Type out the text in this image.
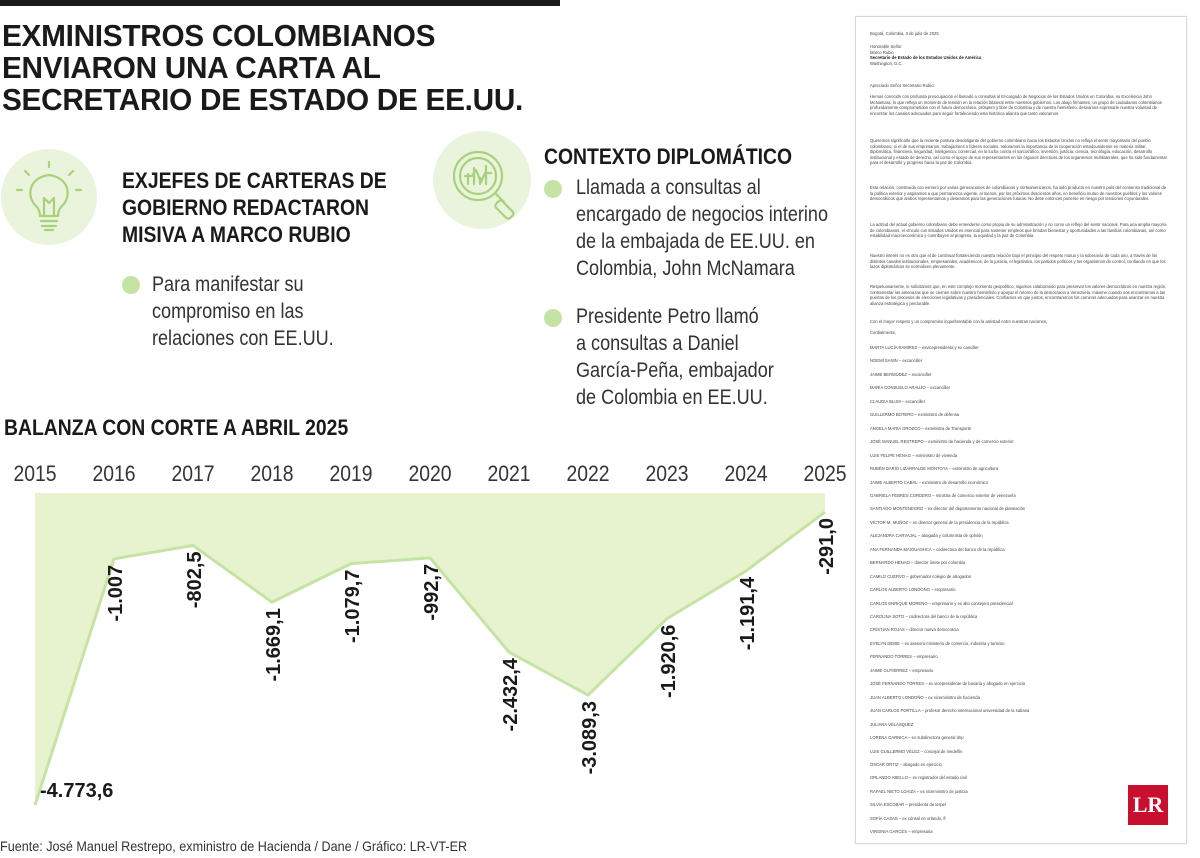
EXMINISTROS COLOMBIANOS ENVIARON UNA CARTA AL SECRETARIO DE ESTADO DE EE.UU.
EXJEFES DE CARTERAS DE
GOBIERNO REDACTARON
MISIVA A MARCO RUBIO
Para manifestar su
compromiso en las
relaciones con EE.UU.
CONTEXTO DIPLOMÁTICO
Llamada a consultas al
encargado de negocios interino
de la embajada de EE.UU. en
Colombia, John McNamara
Presidente Petro llamó
a consultas a Daniel
García-Peña, embajador
de Colombia en EE.UU.
BALANZA CON CORTE A ABRIL 2025
2015 2016 2017 2018 2019 2020 2021 2022 2023 2024 2025
-4.773,6
-1.007	-802,5
-1.669,1
-1.079,7	-992,7
-2.432,4
-3.089,3
-1.920,6
-1.191,4
-291,0
Fuente: José Manuel Restrepo, exministro de Hacienda / Dane / Gráfico: LR-VT-ER
Bogotá, Colombia, 3 de julio de 2025
Honorable Señor
Marco Rubio
Secretario de Estado de los Estados Unidos de América
Washington, D.C.
Apreciado Señor Secretario Rubio:
Hemos conocido con profunda preocupación el llamado a consultas al Encargado de Negocios de los Estados Unidos en Colombia, su Excelencia John McNamara, lo que refleja un momento de tensión en la relación bilateral entre nuestros gobiernos. Los abajo firmantes, un grupo de ciudadanos colombianos profundamente comprometidos con el futuro democrático, próspero y libre de Colombia y de nuestro hemisferio, deseamos expresarle nuestra voluntad de encontrar los canales adecuados para seguir fortaleciendo esta histórica alianza que tanto valoramos.
Queremos significarle que la reciente postura desobligante del gobierno colombiano hacia los Estados Unidos no refleja el sentir mayoritario del pueblo colombiano, ni el de sus empresarios, trabajadores o líderes sociales. Valoramos la importancia de la cooperación estadounidense en materia militar, diplomática, financiera, seguridad, inteligencia, comercial, en la lucha contra el narcotráfico, inversión, justicia, ciencia, tecnología, educación, desarrollo institucional y estado de derecho, así como el apoyo de sus representantes en los órganos directivos de los organismos multilaterales, que ha sido fundamental para el desarrollo y progreso hacia la paz de Colombia.
Esta relación, construida con esmero por varias generaciones de colombianos y norteamericanos, ha sido producto en nuestro país del consenso tradicional de la política exterior y aspiramos a que permanezca vigente, al menos, por los próximos doscientos años, en beneficio mutuo de nuestros pueblos y los valores democráticos que ambos representamos y deseamos para las generaciones futuras. No debe entonces ponerse en riesgo por tensiones coyunturales.
La actitud del actual gobierno colombiano debe entenderse como propia de su administración y no como un reflejo del sentir nacional. Para una amplia mayoría de colombianos, el vínculo con Estados Unidos es esencial para sostener empleos que brindan bienestar y oportunidades a las familias colombianas, así como estabilidad macroeconómica y contribuyen al progreso, la equidad y la paz de Colombia.
Nuestro interés no es otro que el de continuar fortaleciendo nuestra relación bajo el principio del respeto mutuo y la soberanía de cada uno, a través de los distintos canales institucionales, empresariales, académicos, de la justicia, el legislativo, los partidos políticos y los organismos de control, confiando en que los lazos diplomáticos se normalicen plenamente.
Respetuosamente, le solicitamos que, en este complejo momento geopolítico, sigamos colaborando para preservar los valores democráticos en nuestra región, contrarrestar las amenazas que se ciernen sobre nuestro hemisferio y apoyar el retorno de la democracia a Venezuela, máxime cuando nos encontramos a las puertas de los procesos de elecciones legislativas y presidenciales. Confiamos en que juntos, encontraremos los caminos adecuados para avanzar en nuestra alianza estratégica y perdurable.
Con el mayor respeto y un compromiso inquebrantable con la amistad entre nuestras naciones,
Cordialmente,
MARTA LUCÍA RAMÍREZ – exvicepresidenta y ex canciller
NOEMÍ SANÍN – excanciller
JAIME BERMÚDEZ – excanciller
MARÍA CONSUELO ARAUJO – excanciller
CLAUDIA BLUM – excanciller
GUILLERMO BOTERO – exministro de defensa
ANGELA MARÍA OROZCO – exministra de Transporte
JOSÉ MANUEL RESTREPO – exministro de hacienda y de comercio exterior
LUIS FELIPE HENAO – exministro de vivienda
RUBÉN DARÍO LIZARRALDE MONTOYA – exministro de agricultura
JAIME ALBERTO CABAL – exministro de desarrollo económico
GABRIELA FEBRES CORDERO – ministra de comercio exterior de venezuela
SANTIAGO MONTENEGRO – ex director del departamento nacional de planeación
VÍCTOR M. MUÑOZ – ex director general de la presidencia de la república
ALEJANDRA CARVAJAL – abogada y columnista de opinión
ANA FERNANDA MAIGUASHCA – codirectora del banco de la república
BERNARDO HENAO – director ûnete por colombia
CAMILO CUERVO – gobernador colegio de abogados
CARLOS ALBERTO LONDOÑO – empresario
CARLOS ENRIQUE MORENO – empresario y ex alto consejero presidencial
CAROLINA SOTO – codirectora del banco de la república
CRISTIAN ROJAS – director nueva democracia
EVELYN DEIBE – ex asesora ministerio de comercio, industria y turismo
FERNANDO TORRES – empresario
JAIME GUTIÉRREZ – empresario
JOSÉ FERNANDO TORRES – ex vicepresidente de bavaria y abogado en ejercicio
JUAN ALBERTO LONDOÑO – ex viceministro de hacienda
JUAN CARLOS PORTILLA – profesor derecho internacional universidad de la sabana
JULIANA VELÁSQUEZ
LORENA GARNICA – ex subdirectora general dnp
LUIS GUILLERMO VÉLEZ – concejal de medellín
ÓSCAR ORTIZ – abogado en ejercicio
ORLANDO ABELLO – ex registrador del estado civil
RAFAEL NIETO LOAIZA – ex viceministro de justicia
SILVIA ESCOBAR – presidenta de terpel
SOFÍA CASAS – ex cónsul en orlando, fl
VIRGINIA GARCÉS – empresaria
LR
